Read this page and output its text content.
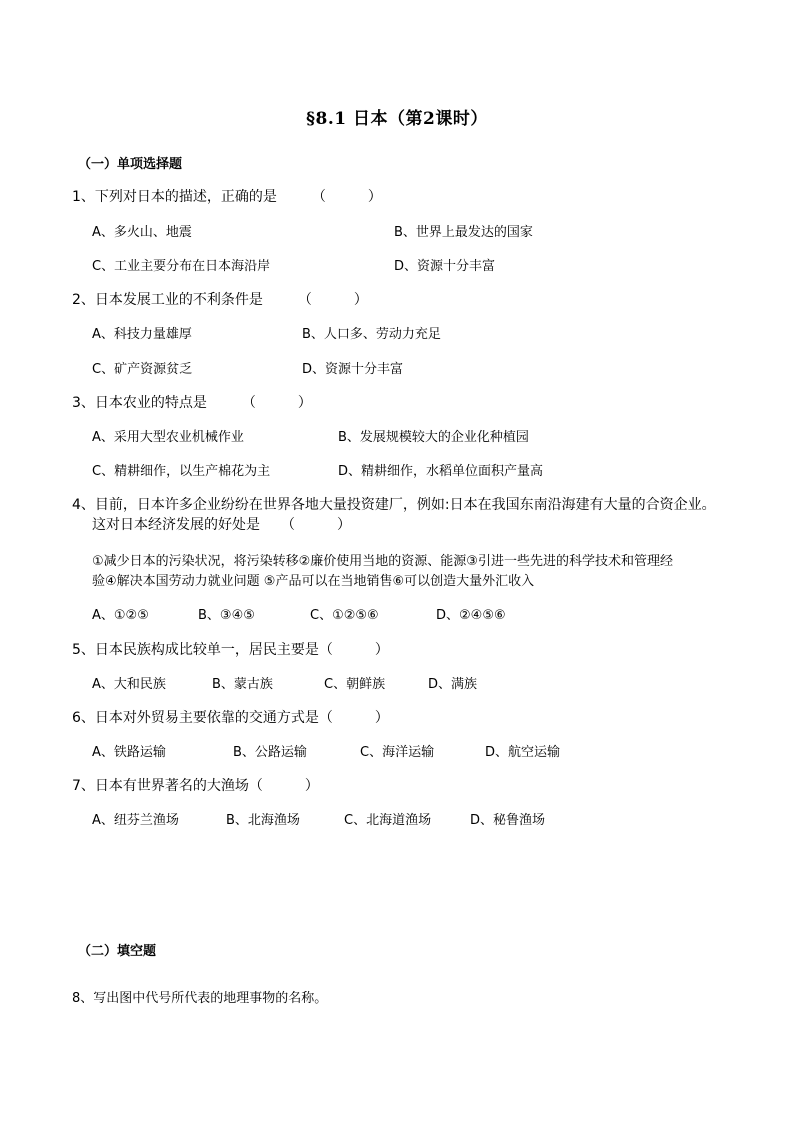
§8.1 日本（第2课时）
（一）单项选择题
1、下列对日本的描述，正确的是　　　（　　　）
A、多火山、地震	B、世界上最发达的国家
C、工业主要分布在日本海沿岸	D、资源十分丰富
2、日本发展工业的不利条件是　　　（　　　）
A、科技力量雄厚	B、人口多、劳动力充足
C、矿产资源贫乏	D、资源十分丰富
3、日本农业的特点是　　　（　　　）
A、采用大型农业机械作业	B、发展规模较大的企业化种植园
C、精耕细作，以生产棉花为主	D、精耕细作，水稻单位面积产量高
4、目前，日本许多企业纷纷在世界各地大量投资建厂，例如:日本在我国东南沿海建有大量的合资企业。
这对日本经济发展的好处是　　（　　　）
①减少日本的污染状况，将污染转移②廉价使用当地的资源、能源③引进一些先进的科学技术和管理经
验④解决本国劳动力就业问题 ⑤产品可以在当地销售⑥可以创造大量外汇收入
A、①②⑤	B、③④⑤	C、①②⑤⑥	D、②④⑤⑥
5、日本民族构成比较单一，居民主要是（　　　）
A、大和民族	B、蒙古族	C、朝鲜族	D、满族
6、日本对外贸易主要依靠的交通方式是（　　　）
A、铁路运输	B、公路运输	C、海洋运输	D、航空运输
7、日本有世界著名的大渔场（　　　）
A、纽芬兰渔场	B、北海渔场	C、北海道渔场	D、秘鲁渔场
（二）填空题
8、写出图中代号所代表的地理事物的名称。
